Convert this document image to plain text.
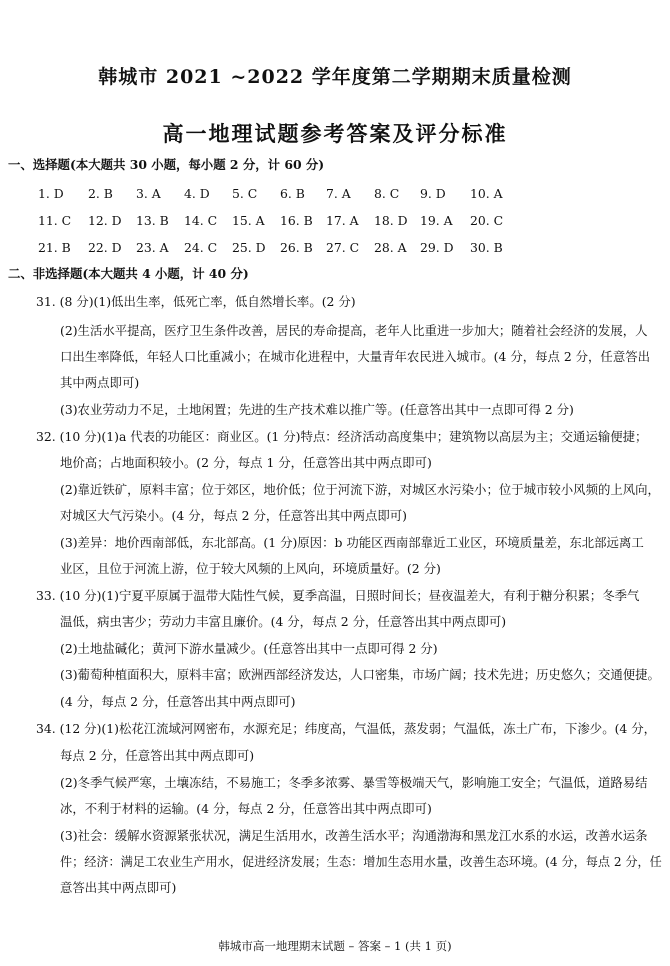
韩城市 2021 ~2022 学年度第二学期期末质量检测
高一地理试题参考答案及评分标准
一、选择题(本大题共 30 小题，每小题 2 分，计 60 分)
1. D 2. B 3. A 4. D 5. C 6. B 7. A 8. C 9. D 10. A
11. C 12. D 13. B 14. C 15. A 16. B 17. A 18. D 19. A 20. C
21. B 22. D 23. A 24. C 25. D 26. B 27. C 28. A 29. D 30. B
二、非选择题(本大题共 4 小题，计 40 分)
31. (8 分)(1)低出生率，低死亡率，低自然增长率。(2 分)
(2)生活水平提高，医疗卫生条件改善，居民的寿命提高，老年人比重进一步加大；随着社会经济的发展，人
口出生率降低，年轻人口比重减小；在城市化进程中，大量青年农民进入城市。(4 分，每点 2 分，任意答出
其中两点即可)
(3)农业劳动力不足，土地闲置；先进的生产技术难以推广等。(任意答出其中一点即可得 2 分)
32. (10 分)(1)a 代表的功能区：商业区。(1 分)特点：经济活动高度集中；建筑物以高层为主；交通运输便捷；
地价高；占地面积较小。(2 分，每点 1 分，任意答出其中两点即可)
(2)靠近铁矿，原料丰富；位于郊区，地价低；位于河流下游，对城区水污染小；位于城市较小风频的上风向，
对城区大气污染小。(4 分，每点 2 分，任意答出其中两点即可)
(3)差异：地价西南部低，东北部高。(1 分)原因：b 功能区西南部靠近工业区，环境质量差，东北部远离工
业区，且位于河流上游，位于较大风频的上风向，环境质量好。(2 分)
33. (10 分)(1)宁夏平原属于温带大陆性气候，夏季高温，日照时间长；昼夜温差大，有利于糖分积累；冬季气
温低，病虫害少；劳动力丰富且廉价。(4 分，每点 2 分，任意答出其中两点即可)
(2)土地盐碱化；黄河下游水量减少。(任意答出其中一点即可得 2 分)
(3)葡萄种植面积大，原料丰富；欧洲西部经济发达，人口密集，市场广阔；技术先进；历史悠久；交通便捷。
(4 分，每点 2 分，任意答出其中两点即可)
34. (12 分)(1)松花江流域河网密布，水源充足；纬度高，气温低，蒸发弱；气温低，冻土广布，下渗少。(4 分，
每点 2 分，任意答出其中两点即可)
(2)冬季气候严寒，土壤冻结，不易施工；冬季多浓雾、暴雪等极端天气，影响施工安全；气温低，道路易结
冰，不利于材料的运输。(4 分，每点 2 分，任意答出其中两点即可)
(3)社会：缓解水资源紧张状况，满足生活用水，改善生活水平；沟通渤海和黑龙江水系的水运，改善水运条
件；经济：满足工农业生产用水，促进经济发展；生态：增加生态用水量，改善生态环境。(4 分，每点 2 分，任
意答出其中两点即可)
韩城市高一地理期末试题 – 答案 – 1 (共 1 页)
